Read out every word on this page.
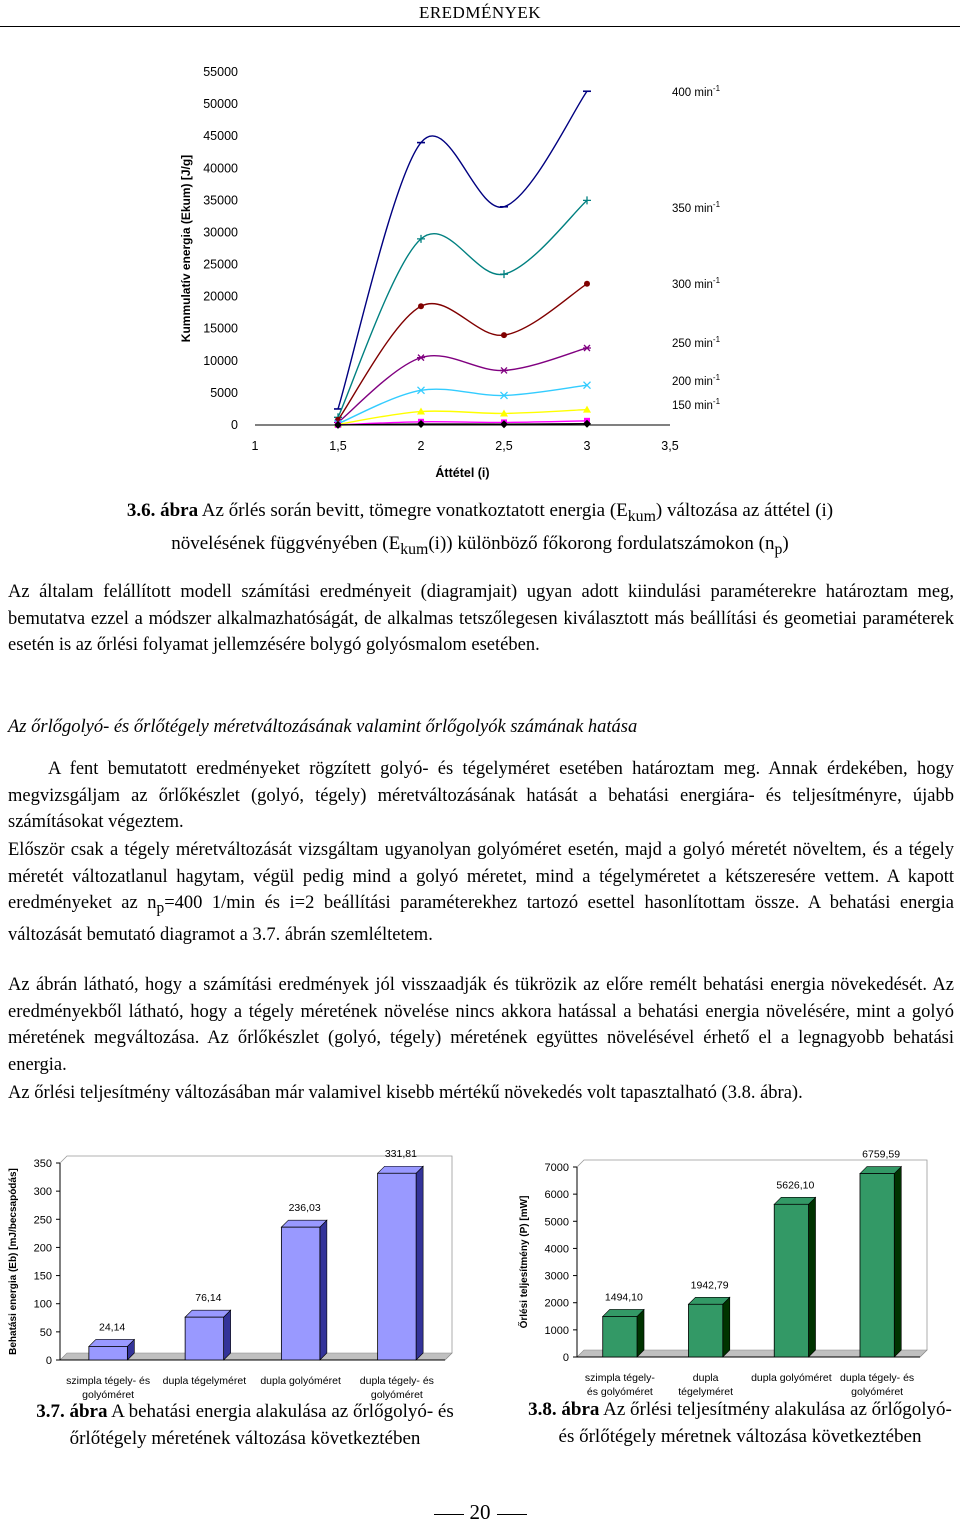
EREDMÉNYEK
55000
50000
45000
40000
35000
30000
25000
20000
15000
10000
5000
0
1	1,5	2	2,5	3	3,5
Áttétel (i)
Kummulatív energia (Ekum) [J/g]
400 $\min^{-1}$
350 $\min^{-1}$
300 $\min^{-1}$
250 $\min^{-1}$
200 $\min^{-1}$
150 $\min^{-1}$
3.6. ábra Az őrlés során bevitt, tömegre vonatkoztatott energia $(E_{kum})$ változása az áttétel (i)
növelésének függvényében $(E_{kum}(i))$ különböző főkorong fordulatszámokon $(n_p)$
Az általam felállított modell számítási eredményeit (diagramjait) ugyan adott kiindulási paraméterekre határoztam meg, bemutatva ezzel a módszer alkalmazhatóságát, de alkalmas tetszőlegesen kiválasztott más beállítási és geometiai paraméterek esetén is az őrlési folyamat jellemzésére bolygó golyósmalom esetében.
Az őrlőgolyó- és őrlőtégely méretváltozásának valamint őrlőgolyók számának hatása
A fent bemutatott eredményeket rögzített golyó- és tégelyméret esetében határoztam meg. Annak érdekében, hogy megvizsgáljam az őrlőkészlet (golyó, tégely) méretváltozásának hatását a behatási energiára- és teljesítményre, újabb számításokat végeztem.
Először csak a tégely méretváltozását vizsgáltam ugyanolyan golyóméret esetén, majd a golyó méretét növeltem, és a tégely méretét változatlanul hagytam, végül pedig mind a golyó méretet, mind a tégelyméretet a kétszeresére vettem. A kapott eredményeket az $n_p=400$ 1/min és i=2 beállítási paraméterekhez tartozó esettel hasonlítottam össze. A behatási energia változását bemutató diagramot a 3.7. ábrán szemléltetem.
Az ábrán látható, hogy a számítási eredmények jól visszaadják és tükrözik az előre remélt behatási energia növekedését. Az eredményekből látható, hogy a tégely méretének növelése nincs akkora hatással a behatási energia növelésére, mint a golyó méretének megváltozása. Az őrlőkészlet (golyó, tégely) méretének együttes növelésével érhető el a legnagyobb behatási energia.
Az őrlési teljesítmény változásában már valamivel kisebb mértékű növekedés volt tapasztalható (3.8. ábra).
0
50
100
150
200
250
300
350
Behatási energia (Eb) [mJ/becsapódás]	24,14
szimpla tégely- és
golyóméret
76,14
dupla tégelyméret
236,03
dupla golyóméret
331,81
dupla tégely- és
golyóméret
0
1000
2000
3000
4000
5000
6000
7000
Őrlési teljesítmény (P) [mW]	1494,10
szimpla tégely-
és golyóméret
1942,79
dupla
tégelyméret
5626,10
dupla golyóméret
6759,59
dupla tégely- és
golyóméret
3.7. ábra A behatási energia alakulása az őrlőgolyó- és őrlőtégely méretének változása következtében
3.8. ábra Az őrlési teljesítmény alakulása az őrlőgolyó- és őrlőtégely méretnek változása következtében
20
